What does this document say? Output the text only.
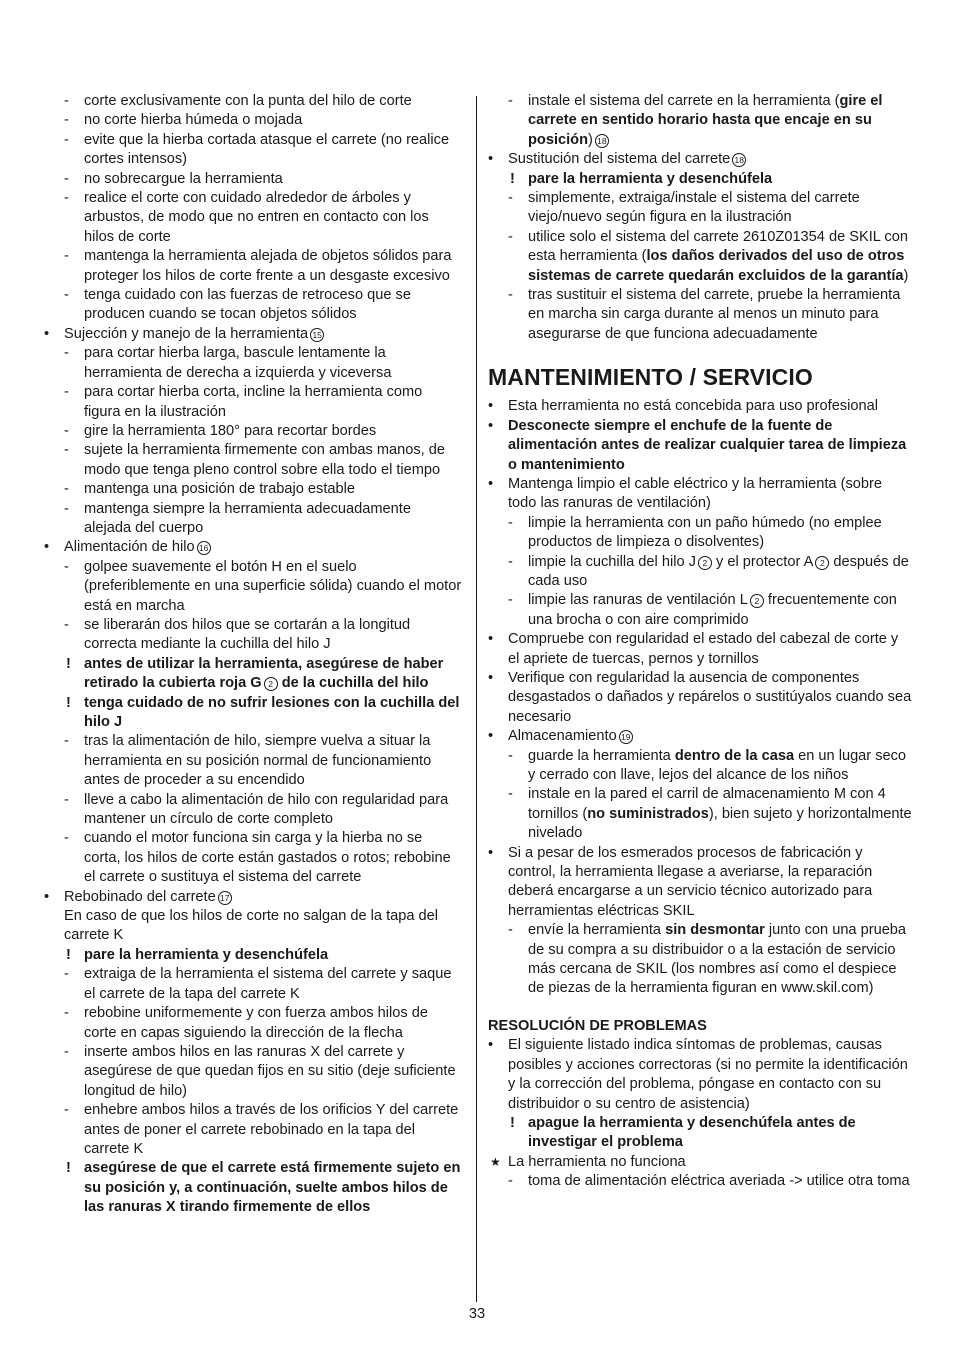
- corte exclusivamente con la punta del hilo de corte
- no corte hierba húmeda o mojada
- evite que la hierba cortada atasque el carrete (no realice cortes intensos)
- no sobrecargue la herramienta
- realice el corte con cuidado alrededor de árboles y arbustos, de modo que no entren en contacto con los hilos de corte
- mantenga la herramienta alejada de objetos sólidos para proteger los hilos de corte frente a un desgaste excesivo
- tenga cuidado con las fuerzas de retroceso que se producen cuando se tocan objetos sólidos
• Sujección y manejo de la herramienta 15
- para cortar hierba larga, bascule lentamente la herramienta de derecha a izquierda y viceversa
- para cortar hierba corta, incline la herramienta como figura en la ilustración
- gire la herramienta 180° para recortar bordes
- sujete la herramienta firmemente con ambas manos, de modo que tenga pleno control sobre ella todo el tiempo
- mantenga una posición de trabajo estable
- mantenga siempre la herramienta adecuadamente alejada del cuerpo
• Alimentación de hilo 16
- golpee suavemente el botón H en el suelo (preferiblemente en una superficie sólida) cuando el motor está en marcha
- se liberarán dos hilos que se cortarán a la longitud correcta mediante la cuchilla del hilo J
! antes de utilizar la herramienta, asegúrese de haber retirado la cubierta roja G 2 de la cuchilla del hilo
! tenga cuidado de no sufrir lesiones con la cuchilla del hilo J
- tras la alimentación de hilo, siempre vuelva a situar la herramienta en su posición normal de funcionamiento antes de proceder a su encendido
- lleve a cabo la alimentación de hilo con regularidad para mantener un círculo de corte completo
- cuando el motor funciona sin carga y la hierba no se corta, los hilos de corte están gastados o rotos; rebobine el carrete o sustituya el sistema del carrete
• Rebobinado del carrete 17
En caso de que los hilos de corte no salgan de la tapa del carrete K
! pare la herramienta y desenchúfela
- extraiga de la herramienta el sistema del carrete y saque el carrete de la tapa del carrete K
- rebobine uniformemente y con fuerza ambos hilos de corte en capas siguiendo la dirección de la flecha
- inserte ambos hilos en las ranuras X del carrete y asegúrese de que quedan fijos en su sitio (deje suficiente longitud de hilo)
- enhebre ambos hilos a través de los orificios Y del carrete antes de poner el carrete rebobinado en la tapa del carrete K
! asegúrese de que el carrete está firmemente sujeto en su posición y, a continuación, suelte ambos hilos de las ranuras X tirando firmemente de ellos
- instale el sistema del carrete en la herramienta (gire el carrete en sentido horario hasta que encaje en su posición) 18
• Sustitución del sistema del carrete 18
! pare la herramienta y desenchúfela
- simplemente, extraiga/instale el sistema del carrete viejo/nuevo según figura en la ilustración
- utilice solo el sistema del carrete 2610Z01354 de SKIL con esta herramienta (los daños derivados del uso de otros sistemas de carrete quedarán excluidos de la garantía)
- tras sustituir el sistema del carrete, pruebe la herramienta en marcha sin carga durante al menos un minuto para asegurarse de que funciona adecuadamente
MANTENIMIENTO / SERVICIO
• Esta herramienta no está concebida para uso profesional
• Desconecte siempre el enchufe de la fuente de alimentación antes de realizar cualquier tarea de limpieza o mantenimiento
• Mantenga limpio el cable eléctrico y la herramienta (sobre todo las ranuras de ventilación)
- limpie la herramienta con un paño húmedo (no emplee productos de limpieza o disolventes)
- limpie la cuchilla del hilo J 2 y el protector A 2 después de cada uso
- limpie las ranuras de ventilación L 2 frecuentemente con una brocha o con aire comprimido
• Compruebe con regularidad el estado del cabezal de corte y el apriete de tuercas, pernos y tornillos
• Verifique con regularidad la ausencia de componentes desgastados o dañados y repárelos o sustitúyalos cuando sea necesario
• Almacenamiento 19
- guarde la herramienta dentro de la casa en un lugar seco y cerrado con llave, lejos del alcance de los niños
- instale en la pared el carril de almacenamiento M con 4 tornillos (no suministrados), bien sujeto y horizontalmente nivelado
• Si a pesar de los esmerados procesos de fabricación y control, la herramienta llegase a averiarse, la reparación deberá encargarse a un servicio técnico autorizado para herramientas eléctricas SKIL
- envíe la herramienta sin desmontar junto con una prueba de su compra a su distribuidor o a la estación de servicio más cercana de SKIL (los nombres así como el despiece de piezas de la herramienta figuran en www.skil.com)
RESOLUCIÓN DE PROBLEMAS
• El siguiente listado indica síntomas de problemas, causas posibles y acciones correctoras (si no permite la identificación y la corrección del problema, póngase en contacto con su distribuidor o su centro de asistencia)
! apague la herramienta y desenchúfela antes de investigar el problema
★ La herramienta no funciona
- toma de alimentación eléctrica averiada -> utilice otra toma
33
